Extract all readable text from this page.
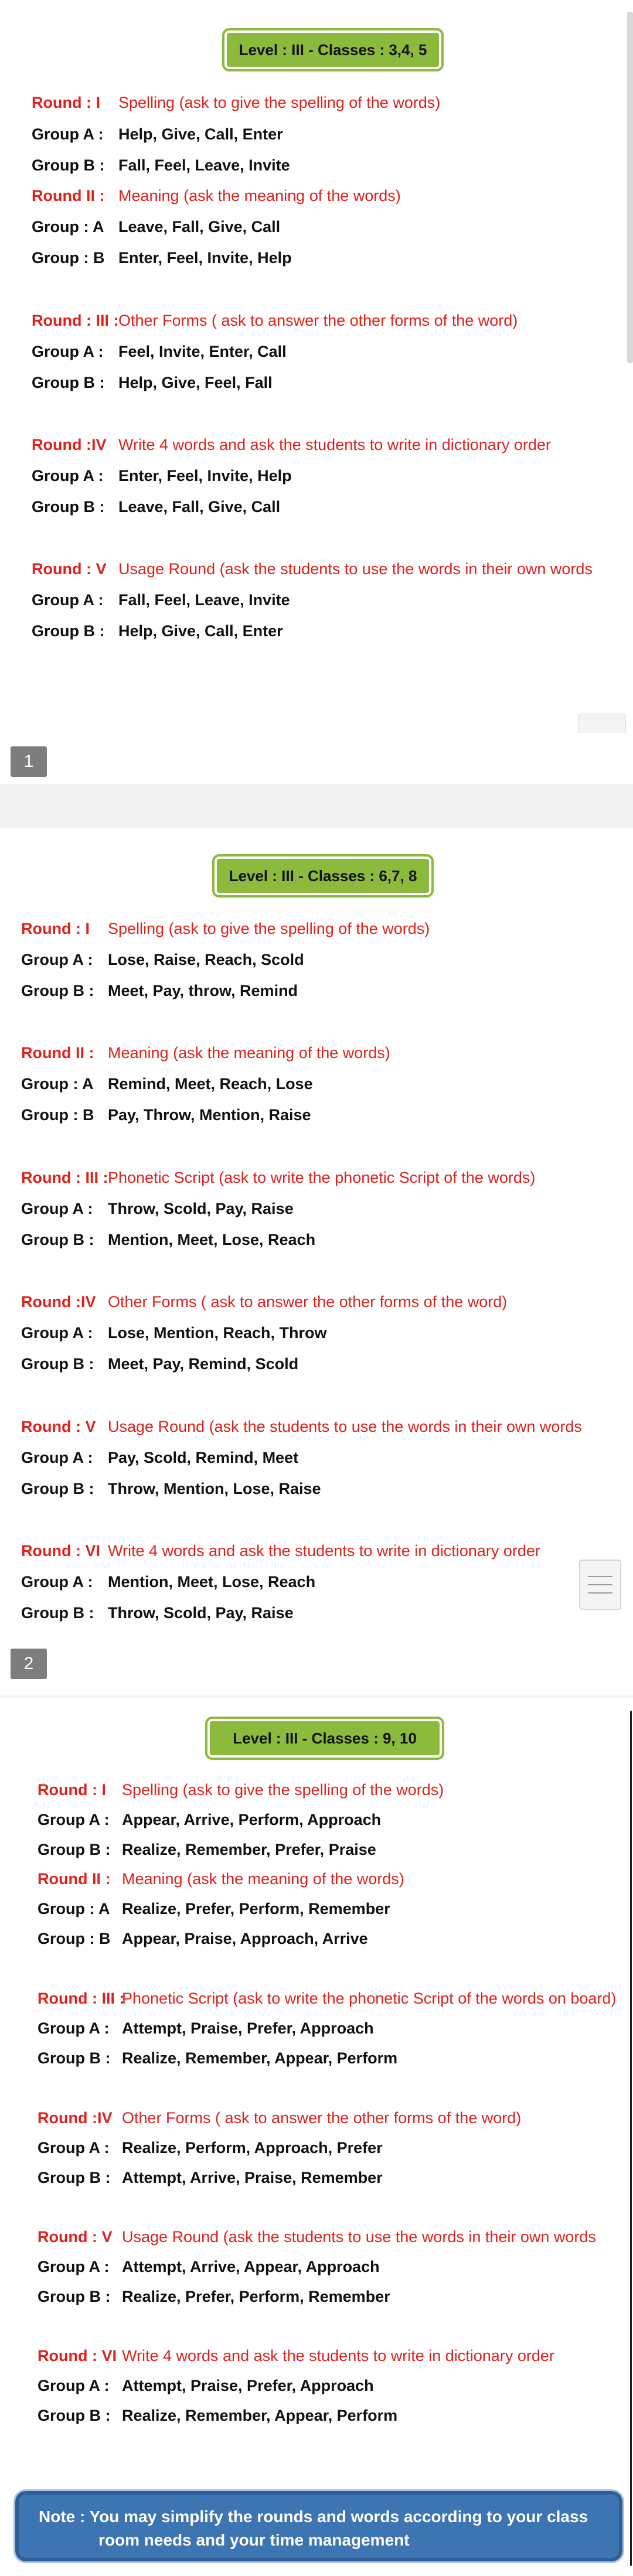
Level : III - Classes : 3,4, 5
Round : I Spelling (ask to give the spelling of the words)
Group A : Help, Give, Call, Enter
Group B : Fall, Feel, Leave, Invite
Round II : Meaning (ask the meaning of the words)
Group : A Leave, Fall, Give, Call
Group : B Enter, Feel, Invite, Help
Round : III : Other Forms ( ask to answer the other forms of the word)
Group A : Feel, Invite, Enter, Call
Group B : Help, Give, Feel, Fall
Round :IV Write 4 words and ask the students to write in dictionary order
Group A : Enter, Feel, Invite, Help
Group B : Leave, Fall, Give, Call
Round : V Usage Round (ask the students to use the words in their own words
Group A : Fall, Feel, Leave, Invite
Group B : Help, Give, Call, Enter
1
Level : III - Classes : 6,7, 8
Round : I Spelling (ask to give the spelling of the words)
Group A : Lose, Raise, Reach, Scold
Group B : Meet, Pay, throw, Remind
Round II : Meaning (ask the meaning of the words)
Group : A Remind, Meet, Reach, Lose
Group : B Pay, Throw, Mention, Raise
Round : III : Phonetic Script (ask to write the phonetic Script of the words)
Group A : Throw, Scold, Pay, Raise
Group B : Mention, Meet, Lose, Reach
Round :IV Other Forms ( ask to answer the other forms of the word)
Group A : Lose, Mention, Reach, Throw
Group B : Meet, Pay, Remind, Scold
Round : V Usage Round (ask the students to use the words in their own words
Group A : Pay, Scold, Remind, Meet
Group B : Throw, Mention, Lose, Raise
Round : VI Write 4 words and ask the students to write in dictionary order
Group A : Mention, Meet, Lose, Reach
Group B : Throw, Scold, Pay, Raise
2
Level : III - Classes : 9, 10
Round : I Spelling (ask to give the spelling of the words)
Group A : Appear, Arrive, Perform, Approach
Group B : Realize, Remember, Prefer, Praise
Round II : Meaning (ask the meaning of the words)
Group : A Realize, Prefer, Perform, Remember
Group : B Appear, Praise, Approach, Arrive
Round : III :
Phonetic Script (ask to write the phonetic Script of the words on board)
Group A : Attempt, Praise, Prefer, Approach
Group B : Realize, Remember, Appear, Perform
Round :IV Other Forms ( ask to answer the other forms of the word)
Group A : Realize, Perform, Approach, Prefer
Group B : Attempt, Arrive, Praise, Remember
Round : V Usage Round (ask the students to use the words in their own words
Group A : Attempt, Arrive, Appear, Approach
Group B : Realize, Prefer, Perform, Remember
Round : VI Write 4 words and ask the students to write in dictionary order
Group A : Attempt, Praise, Prefer, Approach
Group B : Realize, Remember, Appear, Perform
Note : You may simplify the rounds and words according to your class
room needs and your time management
